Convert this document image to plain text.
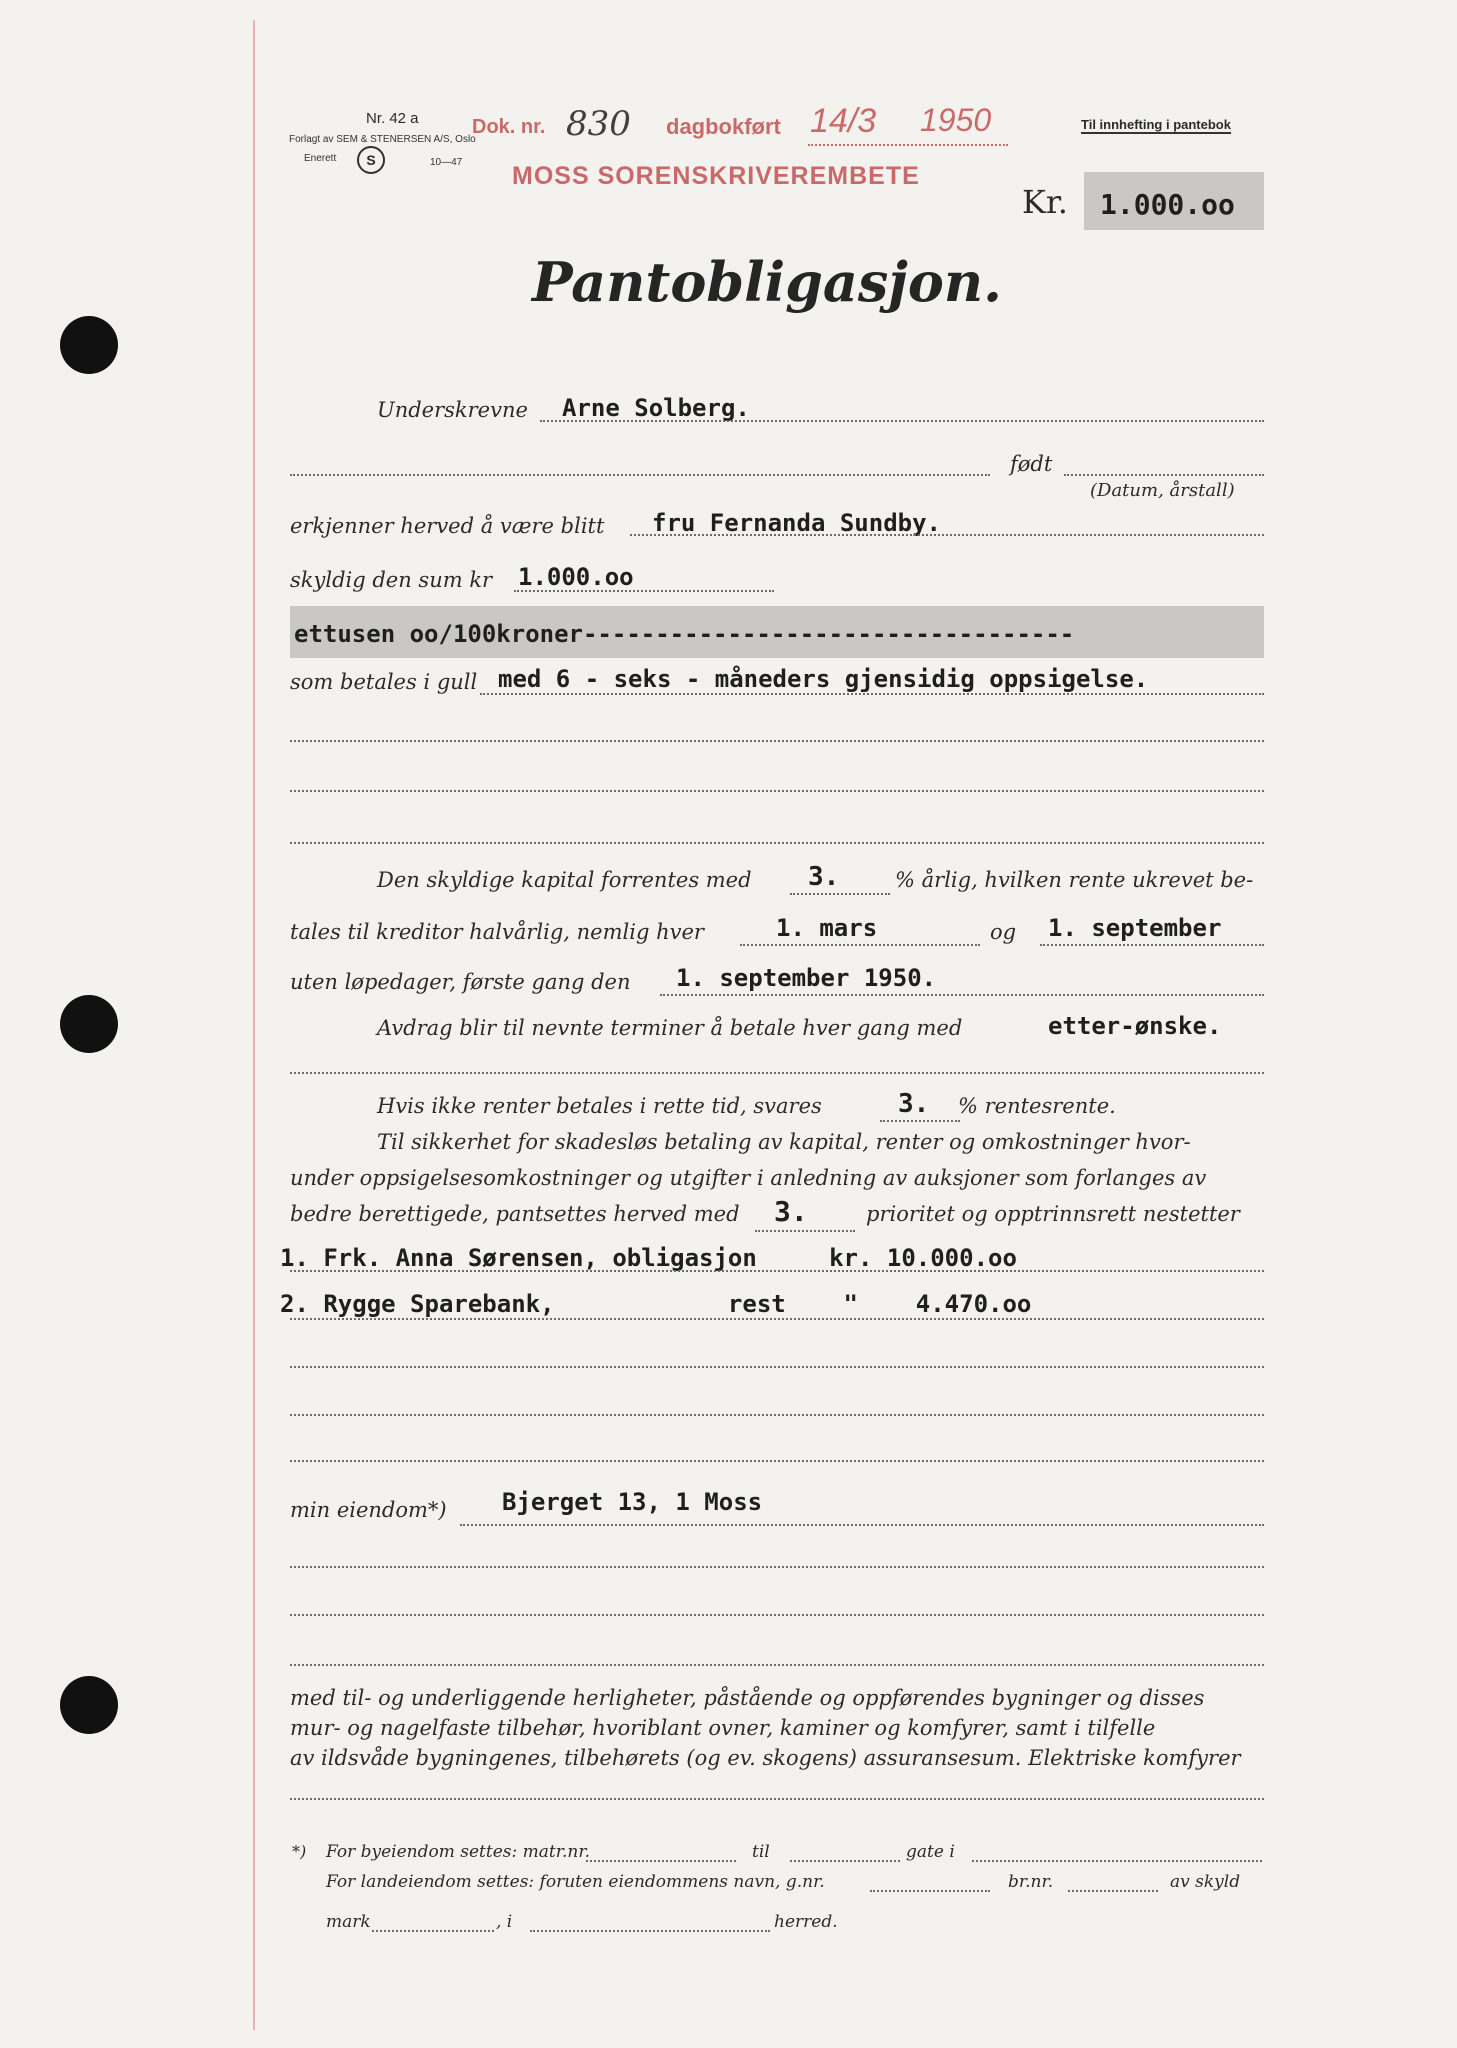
Nr. 42 a
Forlagt av SEM & STENERSEN A/S, Oslo
Enerett	S	10—47
Dok. nr. 830 dagbokført 14/3 1950
MOSS SORENSKRIVEREMBETE
Til innhefting i pantebok
Kr. 1.000.oo
Pantobligasjon.
Underskrevne Arne Solberg.
født
(Datum, årstall)
erkjenner herved å være blitt fru Fernanda Sundby.
skyldig den sum kr 1.000.oo
ettusen oo/100kroner----------------------------------
som betales i gull med 6 - seks - måneders gjensidig oppsigelse.
Den skyldige kapital forrentes med 3.	% årlig, hvilken rente ukrevet be-
tales til kreditor halvårlig, nemlig hver	1. mars	og 1. september
uten løpedager, første gang den 1. september 1950.
Avdrag blir til nevnte terminer å betale hver gang med	etter-ønske.
Hvis ikke renter betales i rette tid, svares	3. % rentesrente.
Til sikkerhet for skadesløs betaling av kapital, renter og omkostninger hvor-
under oppsigelsesomkostninger og utgifter i anledning av auksjoner som forlanges av
bedre berettigede, pantsettes herved med 3.	prioritet og opptrinnsrett nestetter
1. Frk. Anna Sørensen, obligasjon     kr. 10.000.oo
2. Rygge Sparebank,            rest    "    4.470.oo
min eiendom*) Bjerget 13, 1 Moss
med til- og underliggende herligheter, påstående og oppførendes bygninger og disses
mur- og nagelfaste tilbehør, hvoriblant ovner, kaminer og komfyrer, samt i tilfelle
av ildsvåde bygningenes, tilbehørets (og ev. skogens) assuransesum. Elektriske komfyrer
*) For byeiendom settes: matr.nr.	til	gate i
For landeiendom settes: foruten eiendommens navn, g.nr.	br.nr.	av skyld
mark	, i	herred.
